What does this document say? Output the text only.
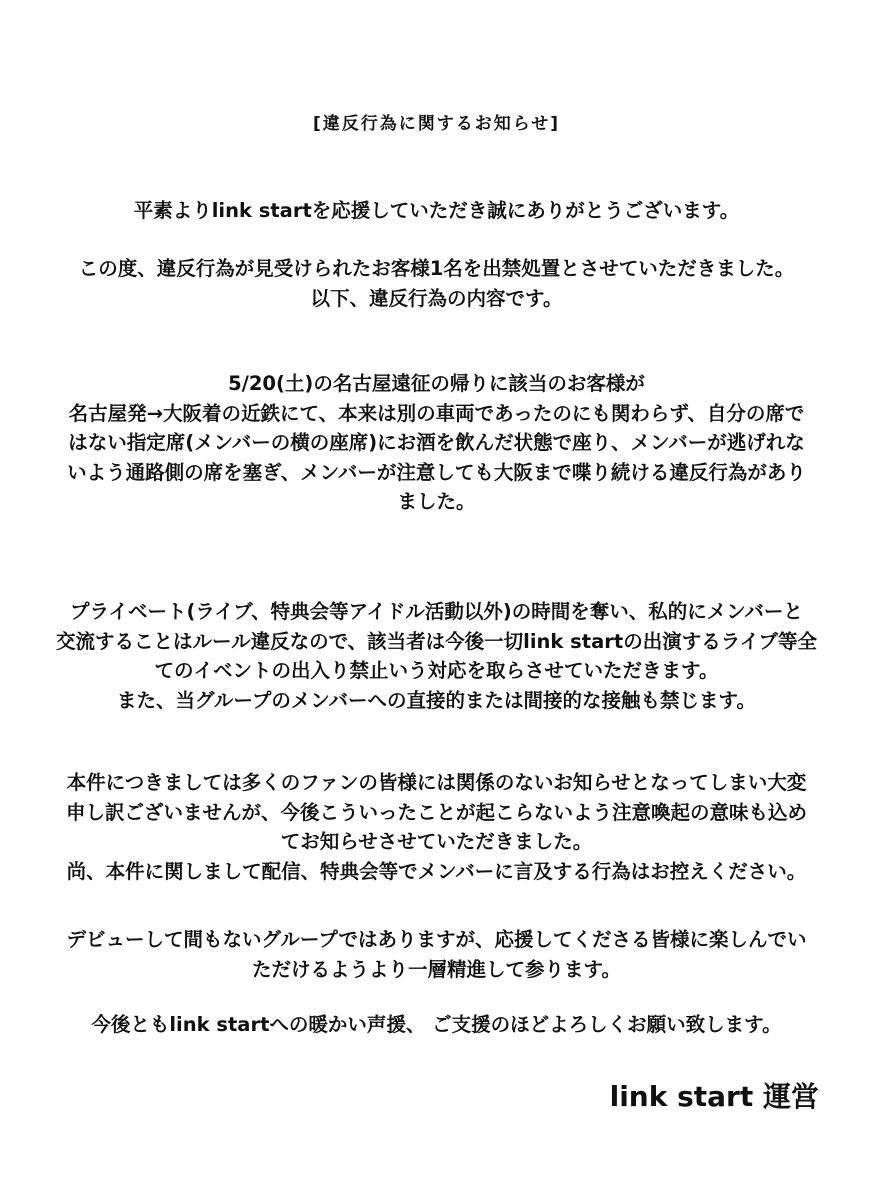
[違反行為に関するお知らせ]
平素よりlink startを応援していただき誠にありがとうございます。
この度、違反行為が見受けられたお客様1名を出禁処置とさせていただきました。
以下、違反行為の内容です。
5/20(土)の名古屋遠征の帰りに該当のお客様が
名古屋発→大阪着の近鉄にて、本来は別の車両であったのにも関わらず、自分の席で
はない指定席(メンバーの横の座席)にお酒を飲んだ状態で座り、メンバーが逃げれな
いよう通路側の席を塞ぎ、メンバーが注意しても大阪まで喋り続ける違反行為があり
ました。
プライベート(ライブ、特典会等アイドル活動以外)の時間を奪い、私的にメンバーと
交流することはルール違反なので、該当者は今後一切link startの出演するライブ等全
てのイベントの出入り禁止いう対応を取らさせていただきます。
また、当グループのメンバーへの直接的または間接的な接触も禁じます。
本件につきましては多くのファンの皆様には関係のないお知らせとなってしまい大変
申し訳ございませんが、今後こういったことが起こらないよう注意喚起の意味も込め
てお知らせさせていただきました。
尚、本件に関しまして配信、特典会等でメンバーに言及する行為はお控えください。
デビューして間もないグループではありますが、応援してくださる皆様に楽しんでい
ただけるようより一層精進して参ります。
今後ともlink startへの暖かい声援、 ご支援のほどよろしくお願い致します。
link start 運営
